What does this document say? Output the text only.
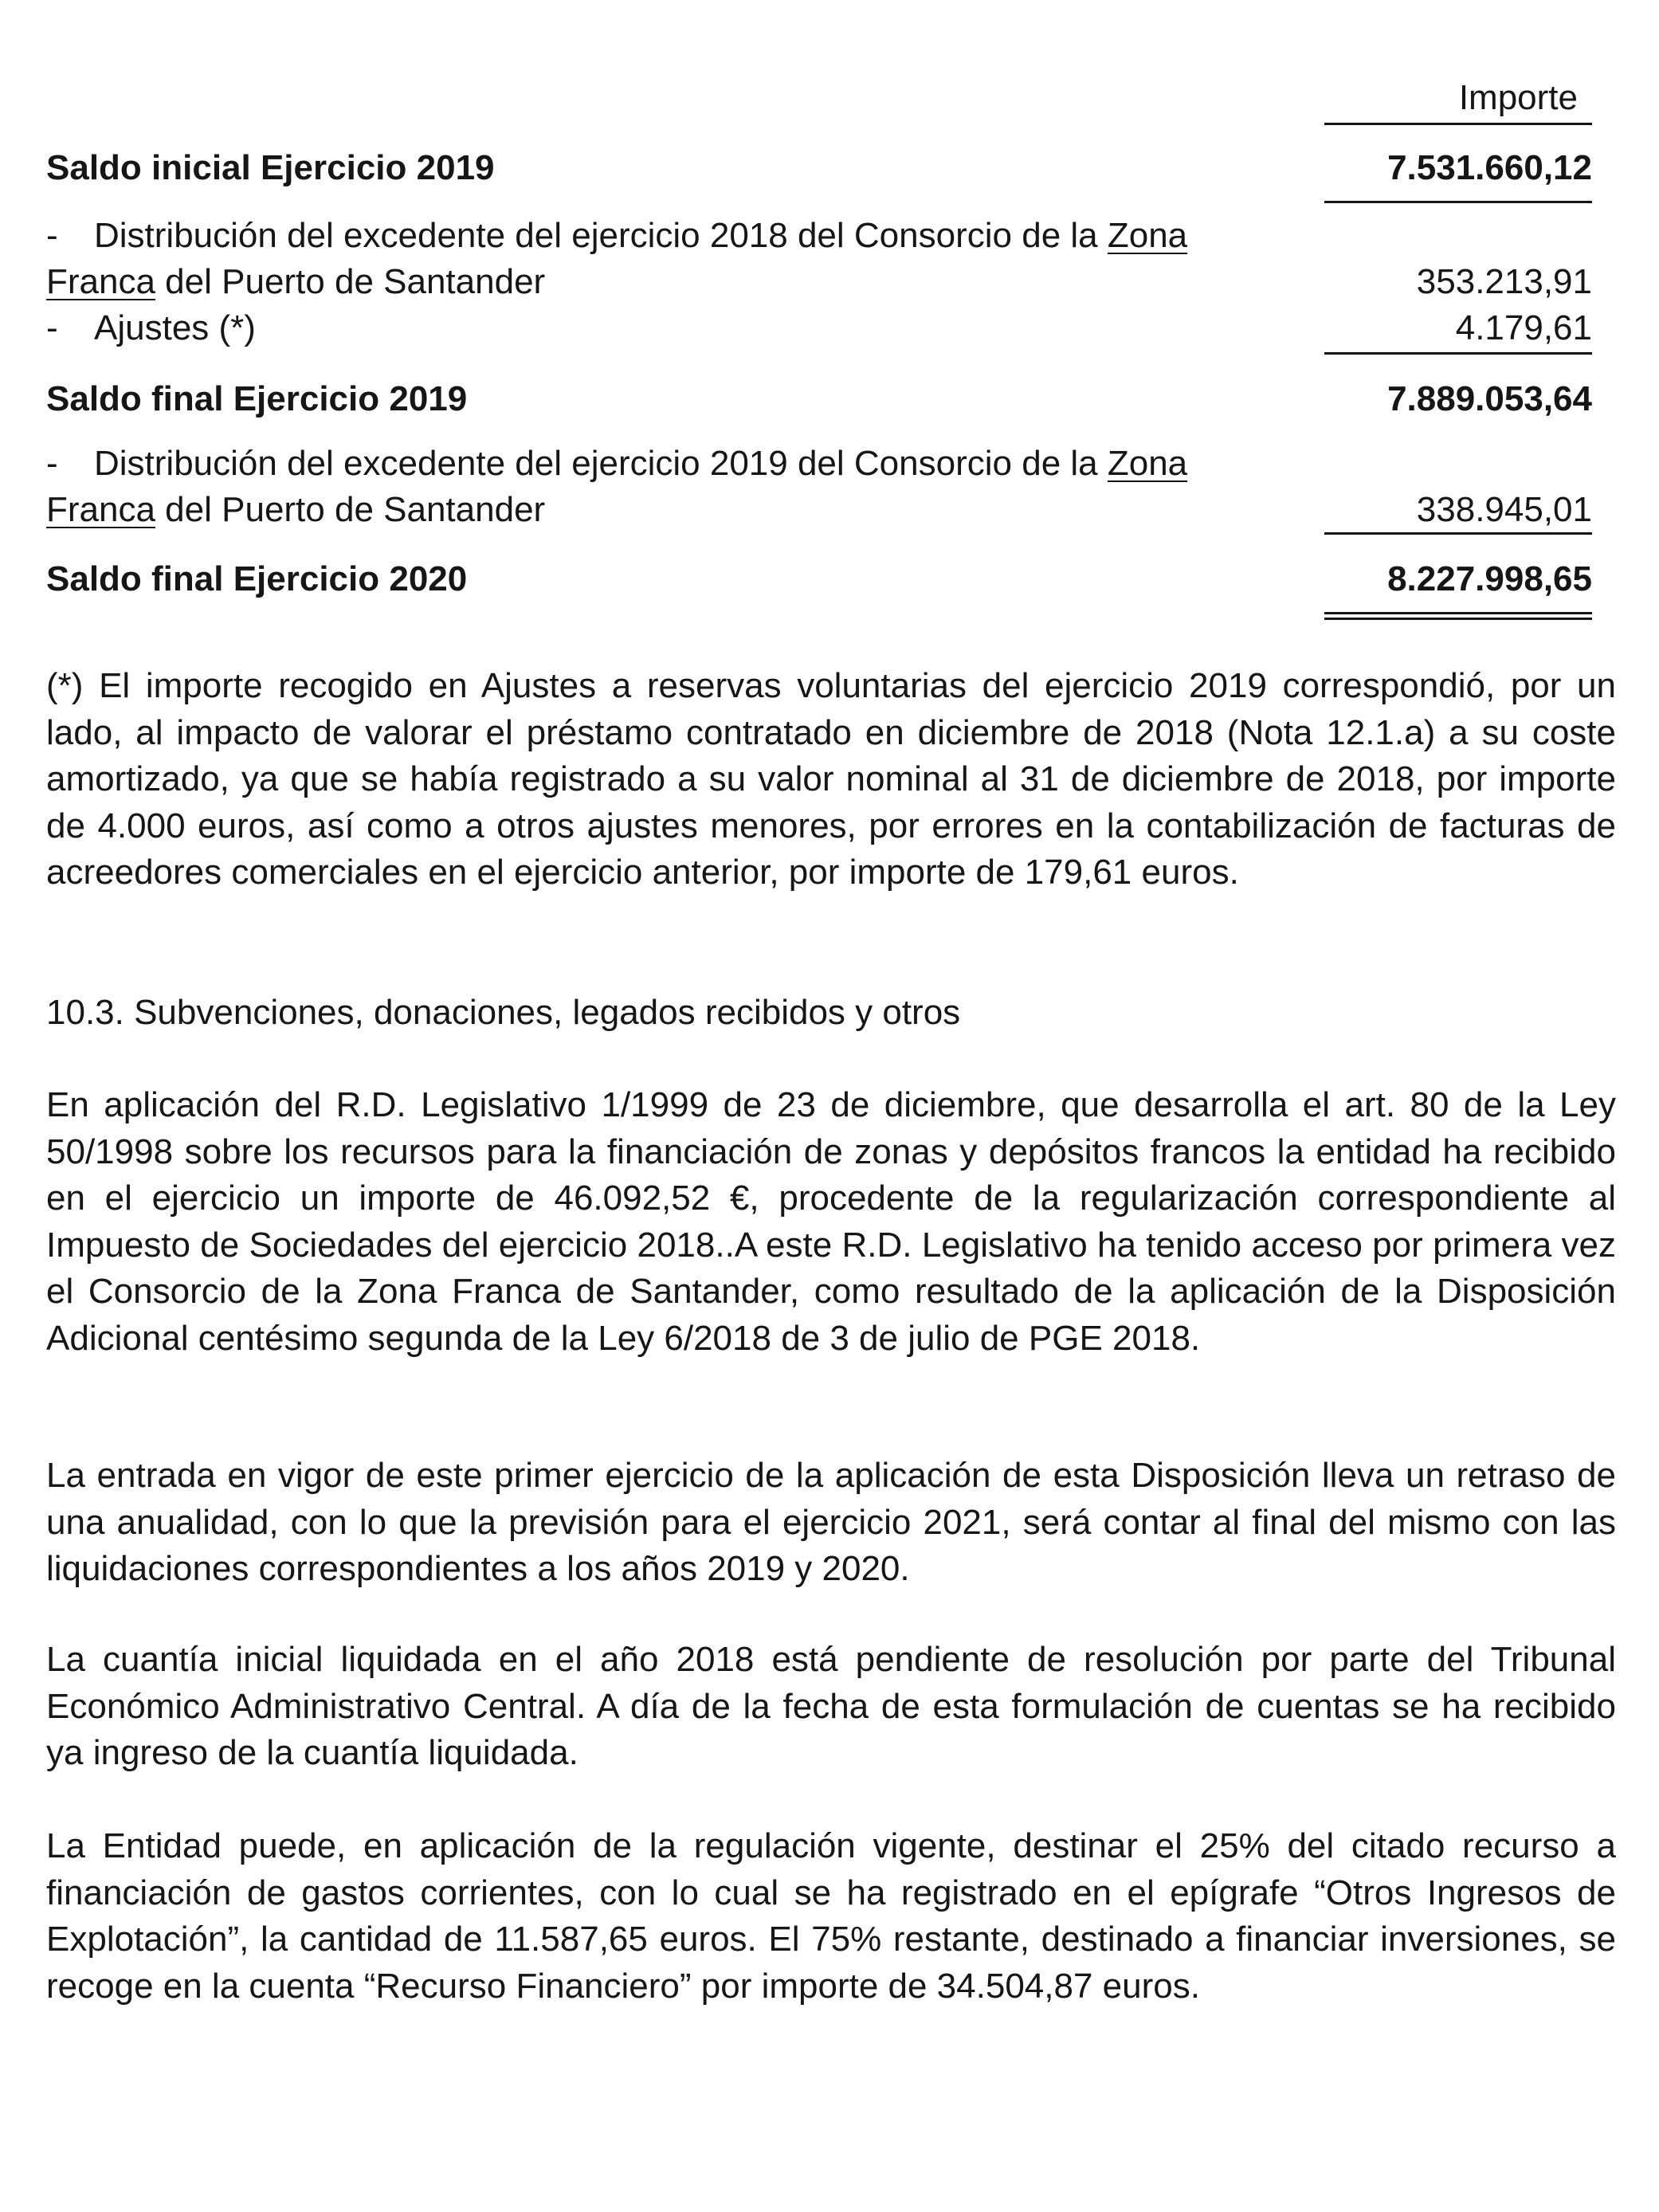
Importe
Saldo inicial Ejercicio 2019	7.531.660,12
- Distribución del excedente del ejercicio 2018 del Consorcio de la Zona
Franca del Puerto de Santander	353.213,91
- Ajustes (*)	4.179,61
Saldo final Ejercicio 2019	7.889.053,64
- Distribución del excedente del ejercicio 2019 del Consorcio de la Zona
Franca del Puerto de Santander	338.945,01
Saldo final Ejercicio 2020	8.227.998,65
(*) El importe recogido en Ajustes a reservas voluntarias del ejercicio 2019 correspondió, por un lado, al impacto de valorar el préstamo contratado en diciembre de 2018 (Nota 12.1.a) a su coste amortizado, ya que se había registrado a su valor nominal al 31 de diciembre de 2018, por importe de 4.000 euros, así como a otros ajustes menores, por errores en la contabilización de facturas de acreedores comerciales en el ejercicio anterior, por importe de 179,61 euros.
10.3. Subvenciones, donaciones, legados recibidos y otros
En aplicación del R.D. Legislativo 1/1999 de 23 de diciembre, que desarrolla el art. 80 de la Ley 50/1998 sobre los recursos para la financiación de zonas y depósitos francos la entidad ha recibido en el ejercicio un importe de 46.092,52 €, procedente de la regularización correspondiente al Impuesto de Sociedades del ejercicio 2018..A este R.D. Legislativo ha tenido acceso por primera vez el Consorcio de la Zona Franca de Santander, como resultado de la aplicación de la Disposición Adicional centésimo segunda de la Ley 6/2018 de 3 de julio de PGE 2018.
La entrada en vigor de este primer ejercicio de la aplicación de esta Disposición lleva un retraso de una anualidad, con lo que la previsión para el ejercicio 2021, será contar al final del mismo con las liquidaciones correspondientes a los años 2019 y 2020.
La cuantía inicial liquidada en el año 2018 está pendiente de resolución por parte del Tribunal Económico Administrativo Central. A día de la fecha de esta formulación de cuentas se ha recibido ya ingreso de la cuantía liquidada.
La Entidad puede, en aplicación de la regulación vigente, destinar el 25% del citado recurso a financiación de gastos corrientes, con lo cual se ha registrado en el epígrafe “Otros Ingresos de Explotación”, la cantidad de 11.587,65 euros. El 75% restante, destinado a financiar inversiones, se recoge en la cuenta “Recurso Financiero” por importe de 34.504,87 euros.
